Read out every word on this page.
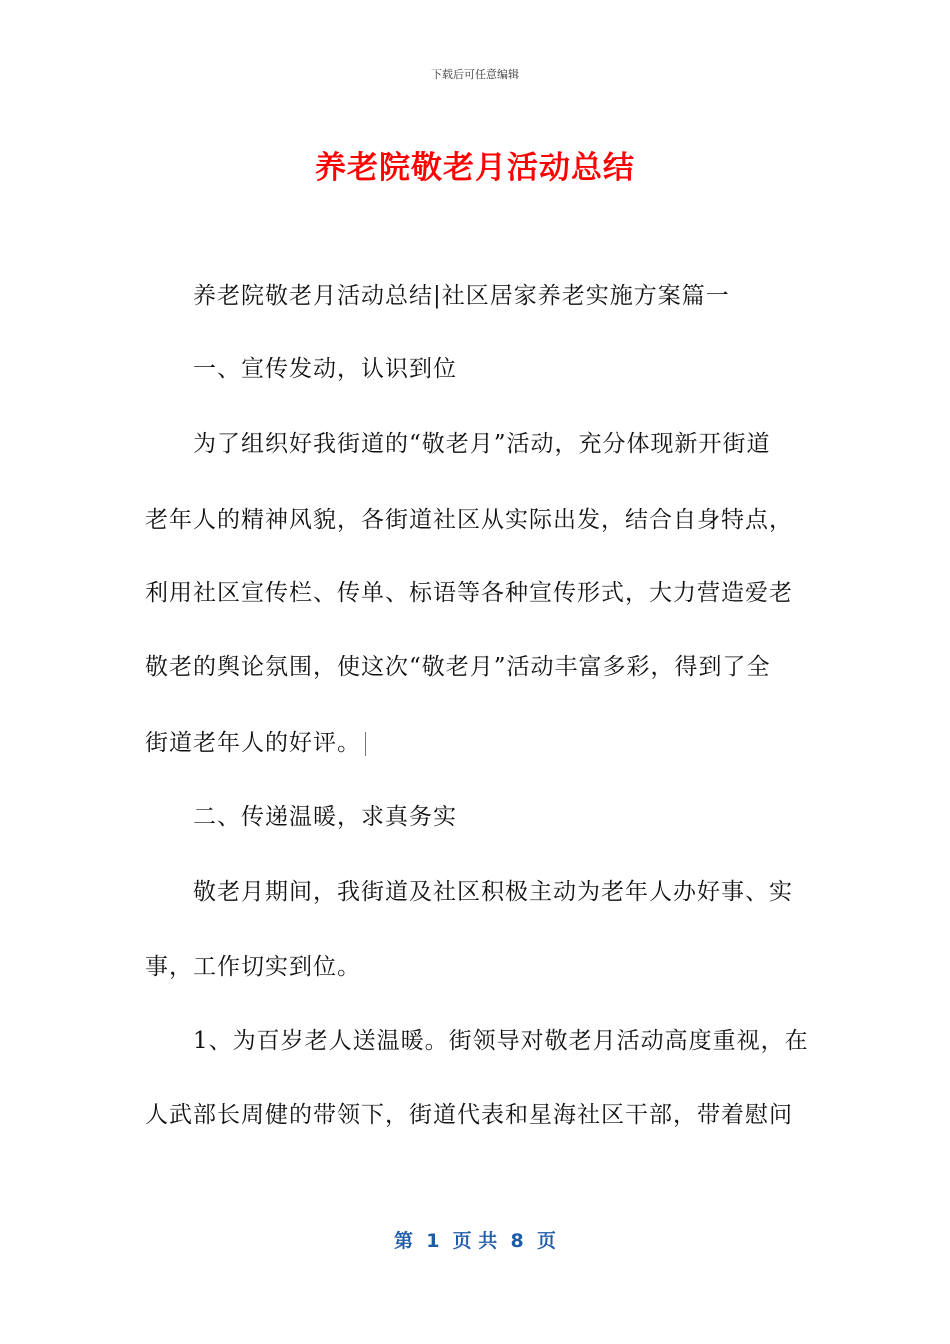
下载后可任意编辑
养老院敬老月活动总结
养老院敬老月活动总结|社区居家养老实施方案篇一
一、宣传发动，认识到位
为了组织好我街道的“敬老月”活动，充分体现新开街道
老年人的精神风貌，各街道社区从实际出发，结合自身特点，
利用社区宣传栏、传单、标语等各种宣传形式，大力营造爱老
敬老的舆论氛围，使这次“敬老月”活动丰富多彩，得到了全
街道老年人的好评。
二、传递温暖，求真务实
敬老月期间，我街道及社区积极主动为老年人办好事、实
事，工作切实到位。
1、为百岁老人送温暖。街领导对敬老月活动高度重视，在
人武部长周健的带领下，街道代表和星海社区干部，带着慰问
第  1  页 共  8  页
